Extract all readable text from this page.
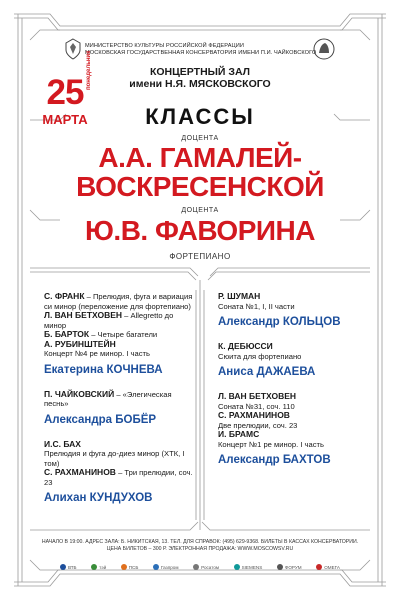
МИНИСТЕРСТВО КУЛЬТУРЫ РОССИЙСКОЙ ФЕДЕРАЦИИ
МОСКОВСКАЯ ГОСУДАРСТВЕННАЯ КОНСЕРВАТОРИЯ ИМЕНИ П.И. ЧАЙКОВСКОГО
25
МАРТА
понедельник	КОНЦЕРТНЫЙ ЗАЛ
имени Н.Я. МЯСКОВСКОГО
КЛАССЫ
ДОЦЕНТА
А.А. ГАМАЛЕЙ-
ВОСКРЕСЕНСКОЙ
ДОЦЕНТА
Ю.В. ФАВОРИНА
ФОРТЕПИАНО
С. ФРАНК – Прелюдия, фуга и вариация
си минор (переложение для фортепиано)
Л. ВАН БЕТХОВЕН – Allegretto до минор
Б. БАРТОК – Четыре багатели
А. РУБИНШТЕЙН
Концерт №4 ре минор. I часть
Екатерина КОЧНЕВА
П. ЧАЙКОВСКИЙ – «Элегическая песнь»
Александра БОБЁР
И.С. БАХ
Прелюдия и фуга до-диез минор (ХТК, I том)
С. РАХМАНИНОВ – Три прелюдии, соч. 23
Алихан КУНДУХОВ
Р. ШУМАН
Соната №1, I, II части
Александр КОЛЬЦОВ
К. ДЕБЮССИ
Сюита для фортепиано
Аниса ДАЖАЕВА
Л. ВАН БЕТХОВЕН
Соната №31, соч. 110
С. РАХМАНИНОВ
Две прелюдии, соч. 23
И. БРАМС
Концерт №1 ре минор. I часть
Александр БАХТОВ
НАЧАЛО В 19:00. АДРЕС ЗАЛА: Б. НИКИТСКАЯ, 13. ТЕЛ. ДЛЯ СПРАВОК: (495) 629-9368. БИЛЕТЫ В КАССАХ КОНСЕРВАТОРИИ.
ЦЕНА БИЛЕТОВ – 300 Р. ЭЛЕКТРОННАЯ ПРОДАЖА: WWW.MOSCOWSV.RU
ВТБ	тэй	ПСБ	Газпром	Росатом	SIEMENS	ФОРУМ	ОМЕГА
